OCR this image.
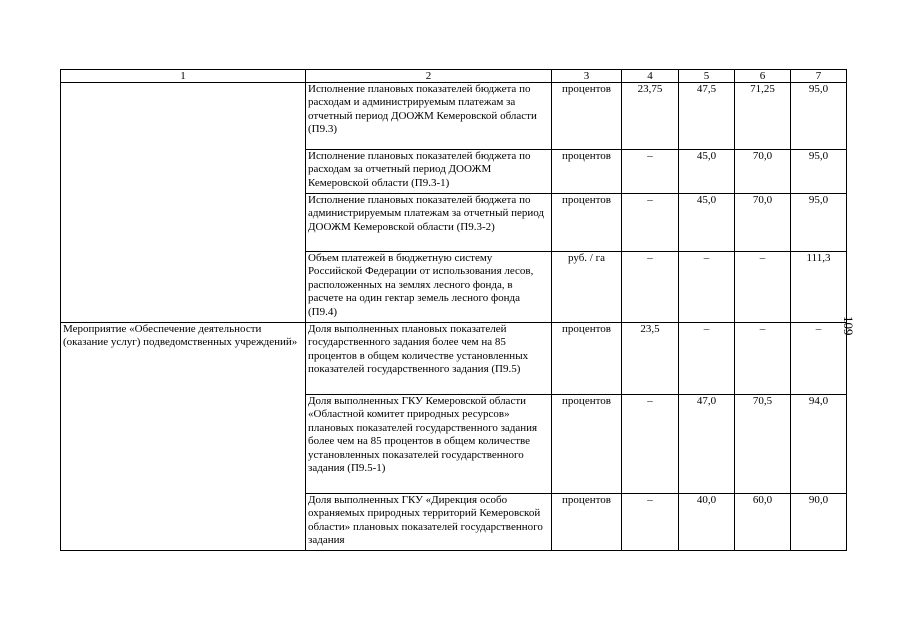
1	2	3	4	5	6	7
	Исполнение плановых показателей бюджета по расходам и администрируемым платежам за отчетный период ДООЖМ Кемеровской области (П9.3)	процентов	23,75	47,5	71,25	95,0
	Исполнение плановых показателей бюджета по расходам за отчетный период ДООЖМ Кемеровской области (П9.3-1)	процентов	–	45,0	70,0	95,0
	Исполнение плановых показателей бюджета по администрируемым платежам за отчетный период ДООЖМ Кемеровской области (П9.3-2)	процентов	–	45,0	70,0	95,0
	Объем платежей в бюджетную систему Российской Федерации от использования лесов, расположенных на землях лесного фонда, в расчете на один гектар земель лесного фонда (П9.4)	руб. / га	–	–	–	111,3
Мероприятие «Обеспечение деятельности (оказание услуг) подведомственных учреждений»	Доля выполненных плановых показателей государственного задания более чем на 85 процентов в общем количестве установленных показателей государственного задания (П9.5)	процентов	23,5	–	–	–
	Доля выполненных ГКУ Кемеровской области «Областной комитет природных ресурсов» плановых показателей государственного задания более чем на 85 процентов в общем количестве установленных показателей государственного задания (П9.5-1)	процентов	–	47,0	70,5	94,0
	Доля выполненных ГКУ «Дирекция особо охраняемых природных территорий Кемеровской области» плановых показателей государственного задания	процентов	–	40,0	60,0	90,0
109
